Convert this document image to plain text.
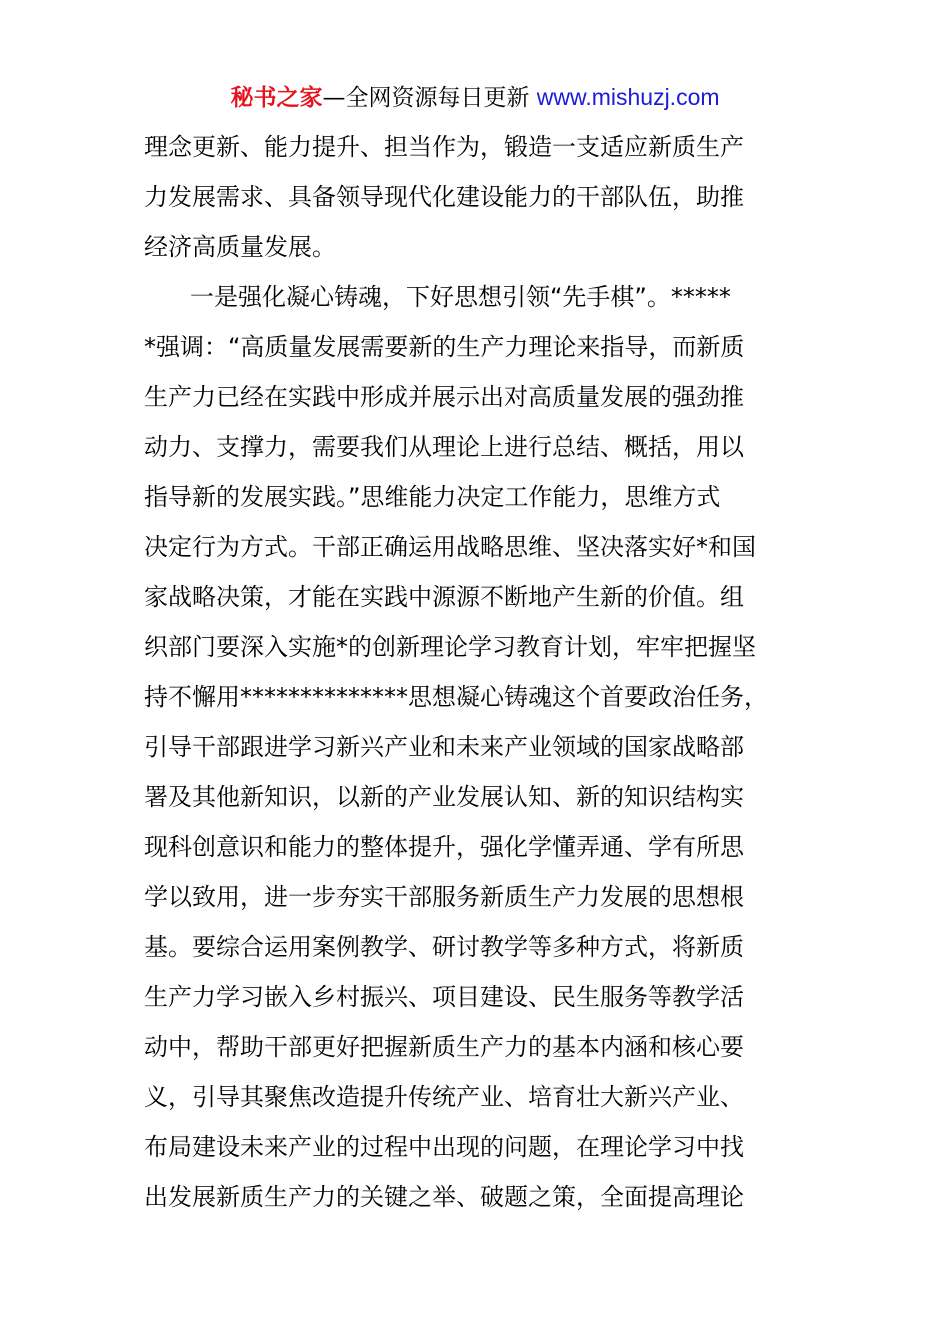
秘书之家—全网资源每日更新 www.mishuzj.com
理念更新、能力提升、担当作为，锻造一支适应新质生产
力发展需求、具备领导现代化建设能力的干部队伍，助推
经济高质量发展。
一是强化凝心铸魂，下好思想引领“先手棋”。*****
*强调：“高质量发展需要新的生产力理论来指导，而新质
生产力已经在实践中形成并展示出对高质量发展的强劲推
动力、支撑力，需要我们从理论上进行总结、概括，用以
指导新的发展实践。”思维能力决定工作能力，思维方式
决定行为方式。干部正确运用战略思维、坚决落实好*和国
家战略决策，才能在实践中源源不断地产生新的价值。组
织部门要深入实施*的创新理论学习教育计划，牢牢把握坚
持不懈用**************思想凝心铸魂这个首要政治任务，
引导干部跟进学习新兴产业和未来产业领域的国家战略部
署及其他新知识，以新的产业发展认知、新的知识结构实
现科创意识和能力的整体提升，强化学懂弄通、学有所思
学以致用，进一步夯实干部服务新质生产力发展的思想根
基。要综合运用案例教学、研讨教学等多种方式，将新质
生产力学习嵌入乡村振兴、项目建设、民生服务等教学活
动中，帮助干部更好把握新质生产力的基本内涵和核心要
义，引导其聚焦改造提升传统产业、培育壮大新兴产业、
布局建设未来产业的过程中出现的问题，在理论学习中找
出发展新质生产力的关键之举、破题之策，全面提高理论
